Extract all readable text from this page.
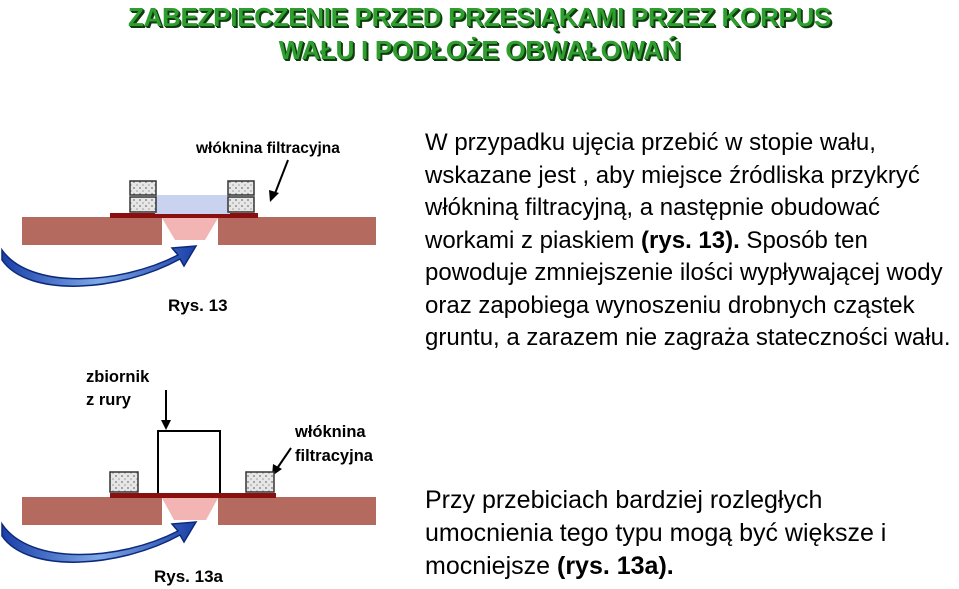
ZABEZPIECZENIE PRZED PRZESIĄKAMI PRZEZ KORPUS
WAŁU I PODŁOŻE OBWAŁOWAŃ
włóknina filtracyjna
Rys. 13
zbiornik
z rury
włóknina
filtracyjna
Rys. 13a
W przypadku ujęcia przebić w stopie wału, wskazane jest , aby miejsce źródliska przykryć włókniną filtracyjną, a następnie obudować workami z piaskiem (rys. 13). Sposób ten powoduje zmniejszenie ilości wypływającej wody oraz zapobiega wynoszeniu drobnych cząstek gruntu, a zarazem nie zagraża stateczności wału.
Przy przebiciach bardziej rozległych umocnienia tego typu mogą być większe i mocniejsze (rys. 13a).
